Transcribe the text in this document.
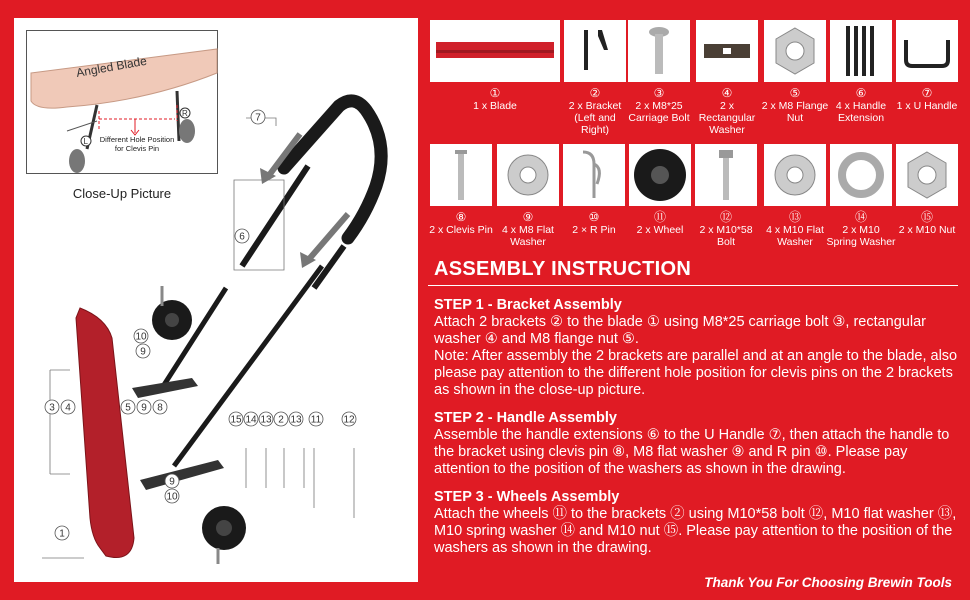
Angled Blade
L
R
Different Hole Position for Clevis Pin
Close-Up Picture
7
6
1
3 4	5 9 8
10
9
9
10
15 14 13 2 13 11 12
①
1 x Blade
②
2 x Bracket (Left and Right)
③
2 x M8*25 Carriage Bolt
④
2 x Rectangular Washer
⑤
2 x M8 Flange Nut
⑥
4 x Handle Extension
⑦
1 x U Handle
⑧
2 x Clevis Pin
⑨
4 x M8 Flat Washer
⑩
2 × R Pin
⑪
2 x Wheel
⑫
2 x M10*58 Bolt
⑬
4 x M10 Flat Washer
⑭
2 x M10 Spring Washer
⑮
2 x M10 Nut
ASSEMBLY INSTRUCTION
STEP 1 - Bracket Assembly
Attach 2 brackets ② to the blade ① using M8*25 carriage bolt ③, rectangular washer ④ and M8 flange nut ⑤.
Note: After assembly the 2 brackets are parallel and at an angle to the blade, also please pay attention to the different hole position for clevis pins on the 2 brackets as shown in the close-up picture.
STEP 2 - Handle Assembly
Assemble the handle extensions ⑥ to the U Handle ⑦, then attach the handle to the bracket using clevis pin ⑧, M8 flat washer ⑨ and R pin ⑩. Please pay attention to the position of the washers as shown in the drawing.
STEP 3 - Wheels Assembly
Attach the wheels ⑪ to the brackets ② using M10*58 bolt ⑫, M10 flat washer ⑬, M10 spring washer ⑭ and M10 nut ⑮. Please pay attention to the position of the washers as shown in the drawing.
Thank You For Choosing Brewin Tools
